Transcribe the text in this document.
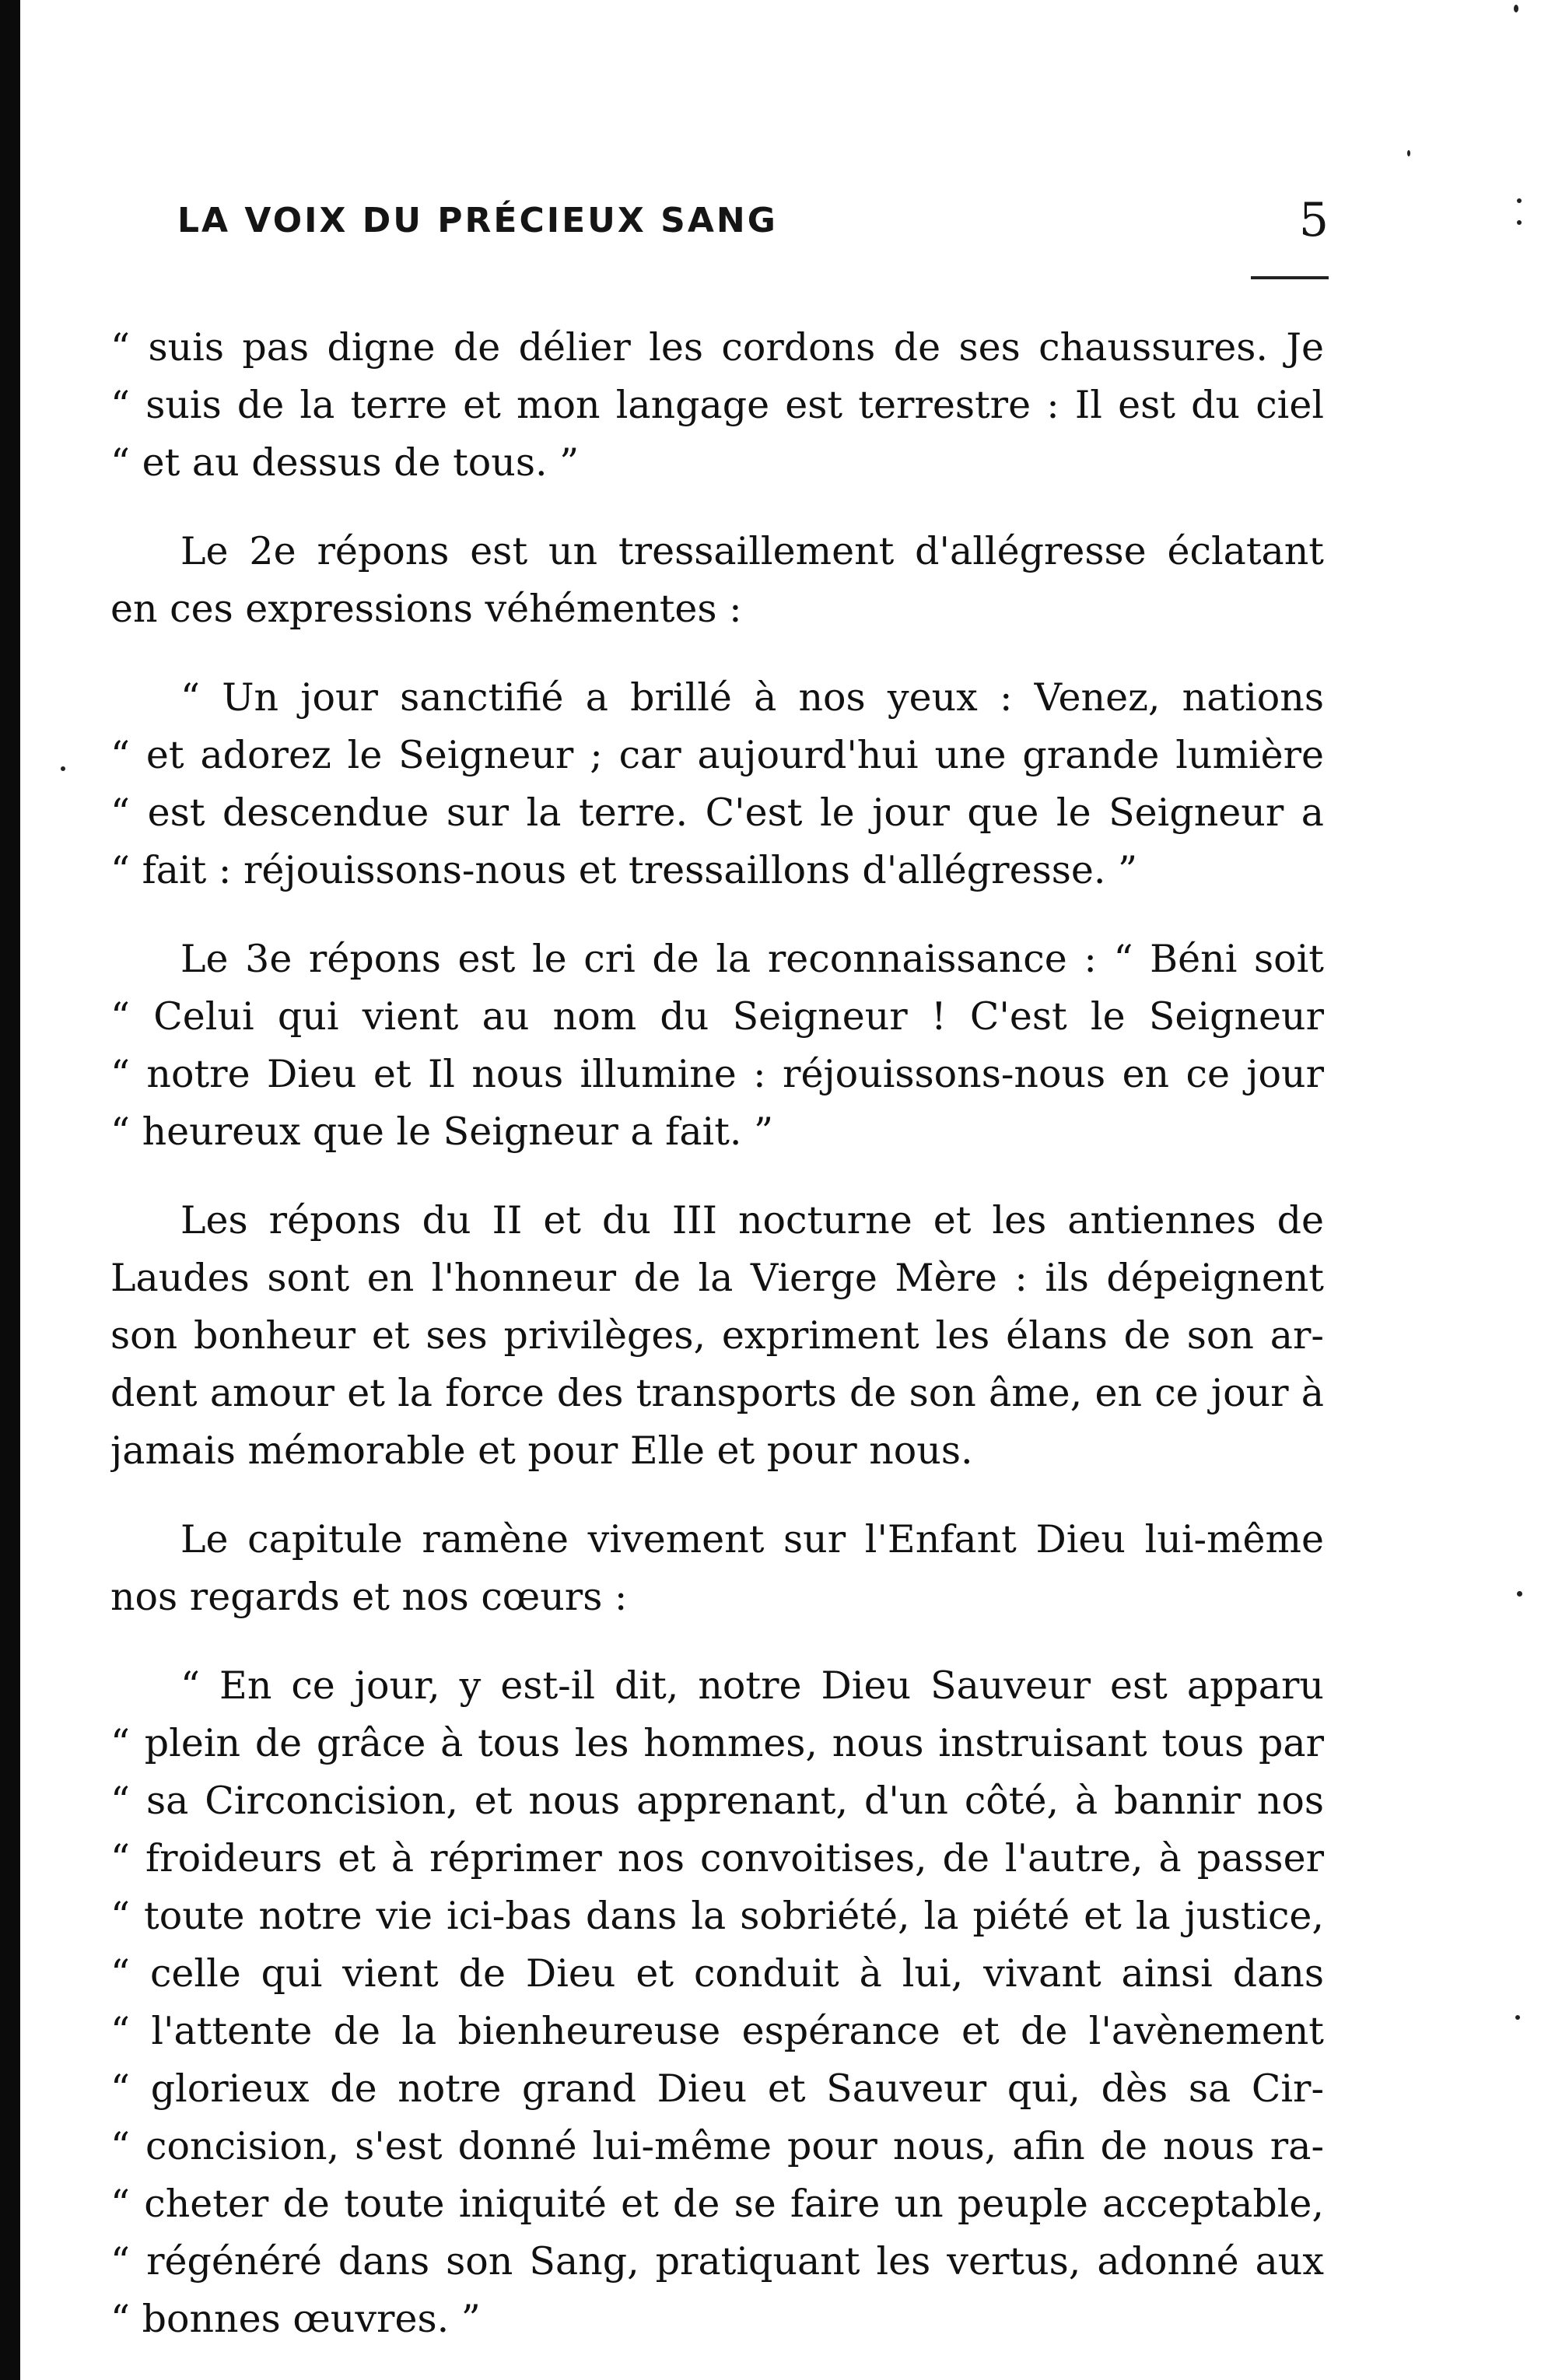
LA VOIX DU PRÉCIEUX SANG	5
“ suis pas digne de délier les cordons de ses chaussures. Je
“ suis de la terre et mon langage est terrestre : Il est du ciel
“ et au dessus de tous. ”
Le 2e répons est un tressaillement d'allégresse éclatant
en ces expressions véhémentes :
“ Un jour sanctifié a brillé à nos yeux : Venez, nations
“ et adorez le Seigneur ; car aujourd'hui une grande lumière
“ est descendue sur la terre. C'est le jour que le Seigneur a
“ fait : réjouissons-nous et tressaillons d'allégresse. ”
Le 3e répons est le cri de la reconnaissance : “ Béni soit
“ Celui qui vient au nom du Seigneur ! C'est le Seigneur
“ notre Dieu et Il nous illumine : réjouissons-nous en ce jour
“ heureux que le Seigneur a fait. ”
Les répons du II et du III nocturne et les antiennes de
Laudes sont en l'honneur de la Vierge Mère : ils dépeignent
son bonheur et ses privilèges, expriment les élans de son ar-
dent amour et la force des transports de son âme, en ce jour à
jamais mémorable et pour Elle et pour nous.
Le capitule ramène vivement sur l'Enfant Dieu lui-même
nos regards et nos cœurs :
“ En ce jour, y est-il dit, notre Dieu Sauveur est apparu
“ plein de grâce à tous les hommes, nous instruisant tous par
“ sa Circoncision, et nous apprenant, d'un côté, à bannir nos
“ froideurs et à réprimer nos convoitises, de l'autre, à passer
“ toute notre vie ici-bas dans la sobriété, la piété et la justice,
“ celle qui vient de Dieu et conduit à lui, vivant ainsi dans
“ l'attente de la bienheureuse espérance et de l'avènement
“ glorieux de notre grand Dieu et Sauveur qui, dès sa Cir-
“ concision, s'est donné lui-même pour nous, afin de nous ra-
“ cheter de toute iniquité et de se faire un peuple acceptable,
“ régénéré dans son Sang, pratiquant les vertus, adonné aux
“ bonnes œuvres. ”
